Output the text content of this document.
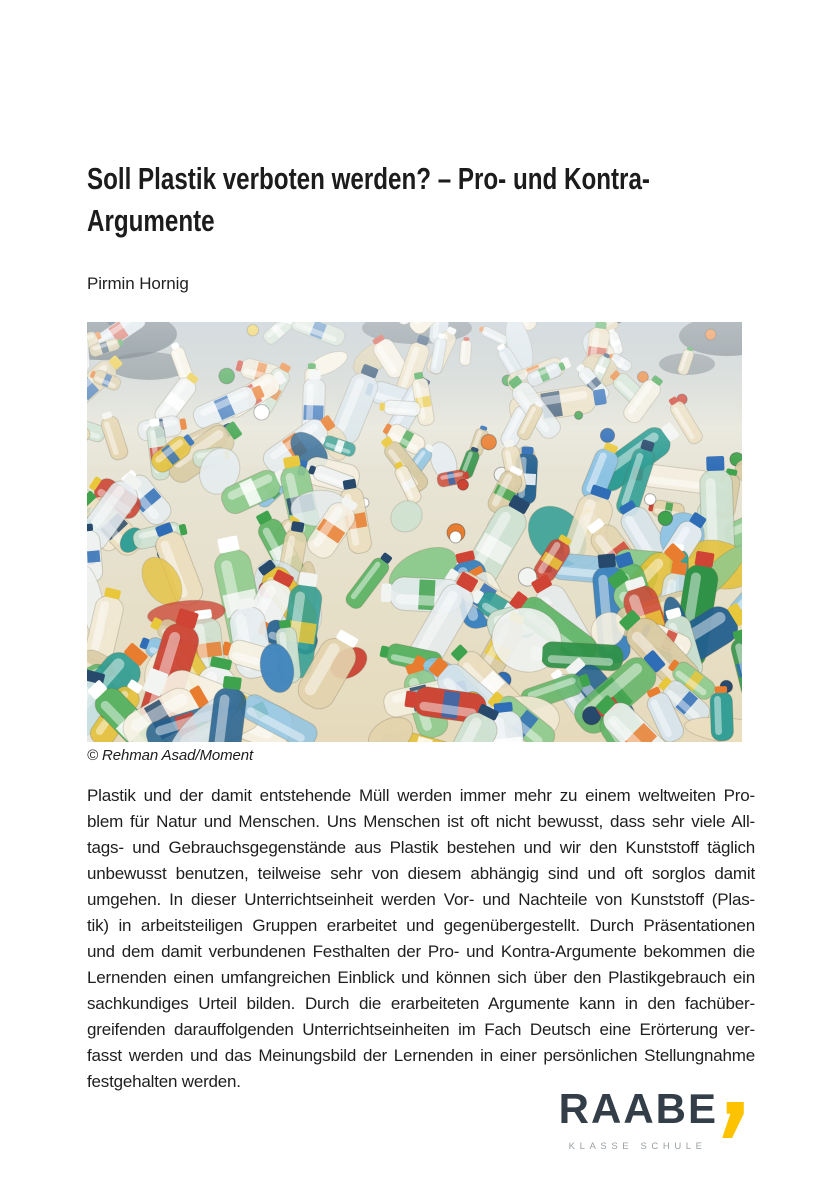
Soll Plastik verboten werden? – Pro- und Kontra-
Argumente
Pirmin Hornig
© Rehman Asad/Moment
Plastik und der damit entstehende Müll werden immer mehr zu einem weltweiten Pro-
blem für Natur und Menschen. Uns Menschen ist oft nicht bewusst, dass sehr viele All-
tags- und Gebrauchsgegenstände aus Plastik bestehen und wir den Kunststoff täglich
unbewusst benutzen, teilweise sehr von diesem abhängig sind und oft sorglos damit
umgehen. In dieser Unterrichtseinheit werden Vor- und Nachteile von Kunststoff (Plas-
tik) in arbeitsteiligen Gruppen erarbeitet und gegenübergestellt. Durch Präsentationen
und dem damit verbundenen Festhalten der Pro- und Kontra-Argumente bekommen die
Lernenden einen umfangreichen Einblick und können sich über den Plastikgebrauch ein
sachkundiges Urteil bilden. Durch die erarbeiteten Argumente kann in den fachüber-
greifenden darauffolgenden Unterrichtseinheiten im Fach Deutsch eine Erörterung ver-
fasst werden und das Meinungsbild der Lernenden in einer persönlichen Stellungnahme
festgehalten werden.
RAABE
KLASSE SCHULE
